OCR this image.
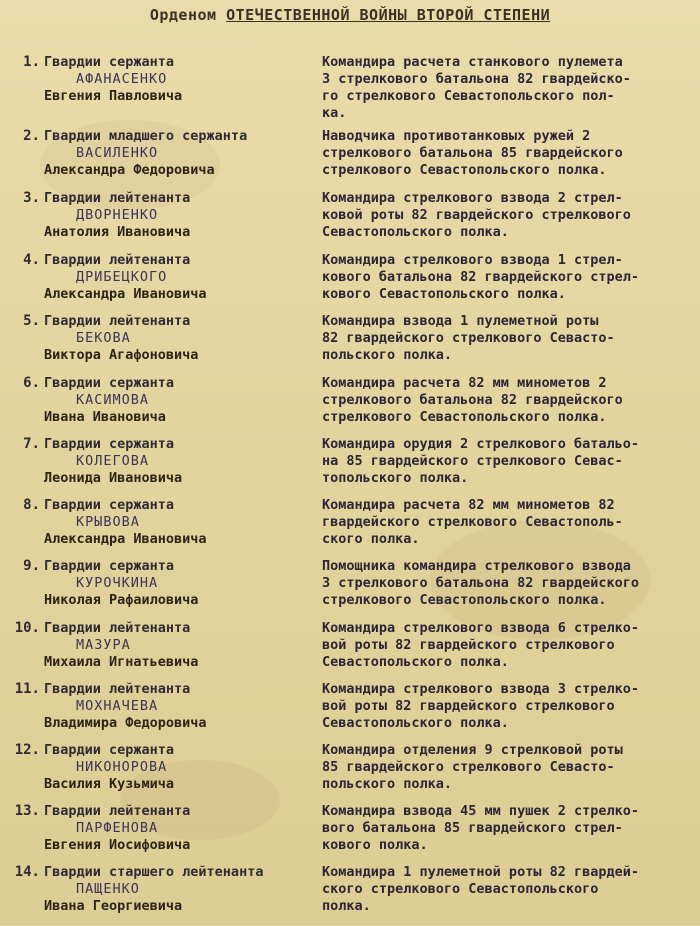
Орденом ОТЕЧЕСТВЕННОЙ ВОЙНЫ ВТОРОЙ СТЕПЕНИ
1. Гвардии сержанта
АФАНАСЕНКО
Евгения Павловича
Командира расчета станкового пулемета
3 стрелкового батальона 82 гвардейско-
го стрелкового Севастопольского пол-
ка.
2. Гвардии младшего сержанта
ВАСИЛЕНКО
Александра Федоровича
Наводчика противотанковых ружей 2
стрелкового батальона 85 гвардейского
стрелкового Севастопольского полка.
3. Гвардии лейтенанта
ДВОРНЕНКО
Анатолия Ивановича
Командира стрелкового взвода 2 стрел-
ковой роты 82 гвардейского стрелкового
Севастопольского полка.
4. Гвардии лейтенанта
ДРИБЕЦКОГО
Александра Ивановича
Командира стрелкового взвода 1 стрел-
кового батальона 82 гвардейского стрел-
кового Севастопольского полка.
5. Гвардии лейтенанта
БЕКОВА
Виктора Агафоновича
Командира взвода 1 пулеметной роты
82 гвардейского стрелкового Севасто-
польского полка.
6. Гвардии сержанта
КАСИМОВА
Ивана Ивановича
Командира расчета 82 мм минометов 2
стрелкового батальона 82 гвардейского
стрелкового Севастопольского полка.
7. Гвардии сержанта
КОЛЕГОВА
Леонида Ивановича
Командира орудия 2 стрелкового батальо-
на 85 гвардейского стрелкового Севас-
топольского полка.
8. Гвардии сержанта
КРЫВОВА
Александра Ивановича
Командира расчета 82 мм минометов 82
гвардейского стрелкового Севастополь-
ского полка.
9. Гвардии сержанта
КУРОЧКИНА
Николая Рафаиловича
Помощника командира стрелкового взвода
3 стрелкового батальона 82 гвардейского
стрелкового Севастопольского полка.
10. Гвардии лейтенанта
МАЗУРА
Михаила Игнатьевича
Командира стрелкового взвода 6 стрелко-
вой роты 82 гвардейского стрелкового
Севастопольского полка.
11. Гвардии лейтенанта
МОХНАЧЕВА
Владимира Федоровича
Командира стрелкового взвода 3 стрелко-
вой роты 82 гвардейского стрелкового
Севастопольского полка.
12. Гвардии сержанта
НИКОНОРОВА
Василия Кузьмича
Командира отделения 9 стрелковой роты
85 гвардейского стрелкового Севасто-
польского полка.
13. Гвардии лейтенанта
ПАРФЕНОВА
Евгения Иосифовича
Командира взвода 45 мм пушек 2 стрелко-
вого батальона 85 гвардейского стрел-
кового полка.
14. Гвардии старшего лейтенанта
ПАЩЕНКО
Ивана Георгиевича
Командира 1 пулеметной роты 82 гвардей-
ского стрелкового Севастопольского
полка.
